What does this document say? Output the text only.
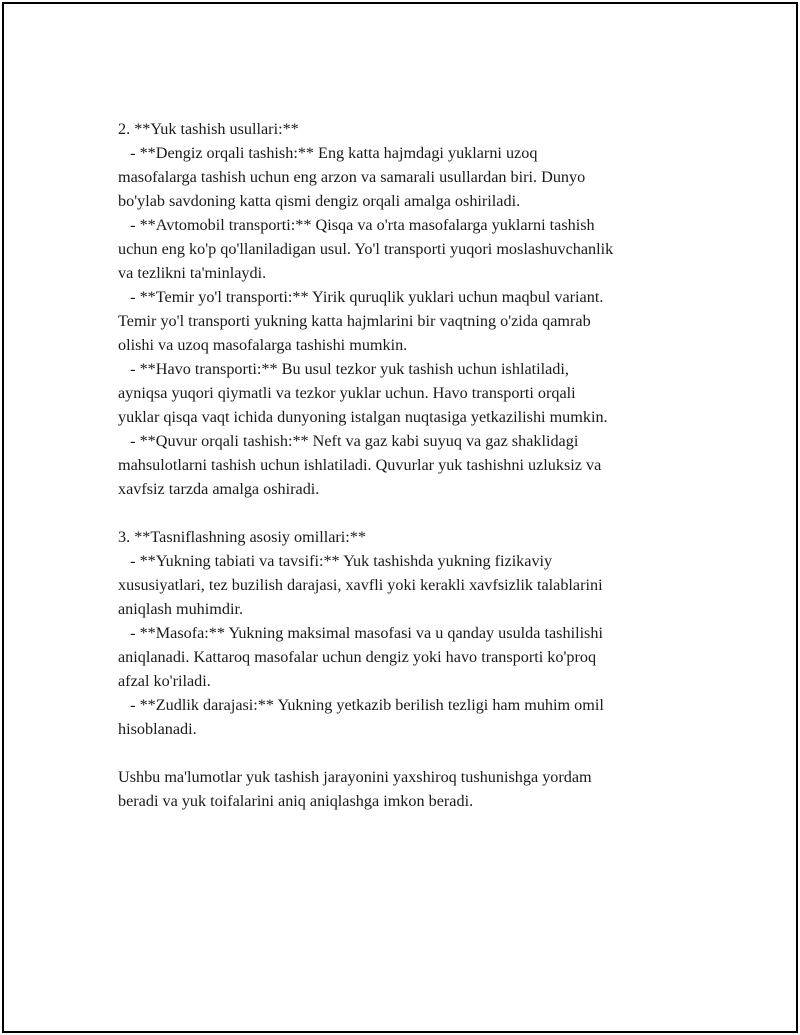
2. **Yuk tashish usullari:**
- **Dengiz orqali tashish:** Eng katta hajmdagi yuklarni uzoq
masofalarga tashish uchun eng arzon va samarali usullardan biri. Dunyo
bo'ylab savdoning katta qismi dengiz orqali amalga oshiriladi.
- **Avtomobil transporti:** Qisqa va o'rta masofalarga yuklarni tashish
uchun eng ko'p qo'llaniladigan usul. Yo'l transporti yuqori moslashuvchanlik
va tezlikni ta'minlaydi.
- **Temir yo'l transporti:** Yirik quruqlik yuklari uchun maqbul variant.
Temir yo'l transporti yukning katta hajmlarini bir vaqtning o'zida qamrab
olishi va uzoq masofalarga tashishi mumkin.
- **Havo transporti:** Bu usul tezkor yuk tashish uchun ishlatiladi,
ayniqsa yuqori qiymatli va tezkor yuklar uchun. Havo transporti orqali
yuklar qisqa vaqt ichida dunyoning istalgan nuqtasiga yetkazilishi mumkin.
- **Quvur orqali tashish:** Neft va gaz kabi suyuq va gaz shaklidagi
mahsulotlarni tashish uchun ishlatiladi. Quvurlar yuk tashishni uzluksiz va
xavfsiz tarzda amalga oshiradi.
3. **Tasniflashning asosiy omillari:**
- **Yukning tabiati va tavsifi:** Yuk tashishda yukning fizikaviy
xususiyatlari, tez buzilish darajasi, xavfli yoki kerakli xavfsizlik talablarini
aniqlash muhimdir.
- **Masofa:** Yukning maksimal masofasi va u qanday usulda tashilishi
aniqlanadi. Kattaroq masofalar uchun dengiz yoki havo transporti ko'proq
afzal ko'riladi.
- **Zudlik darajasi:** Yukning yetkazib berilish tezligi ham muhim omil
hisoblanadi.
Ushbu ma'lumotlar yuk tashish jarayonini yaxshiroq tushunishga yordam
beradi va yuk toifalarini aniq aniqlashga imkon beradi.
